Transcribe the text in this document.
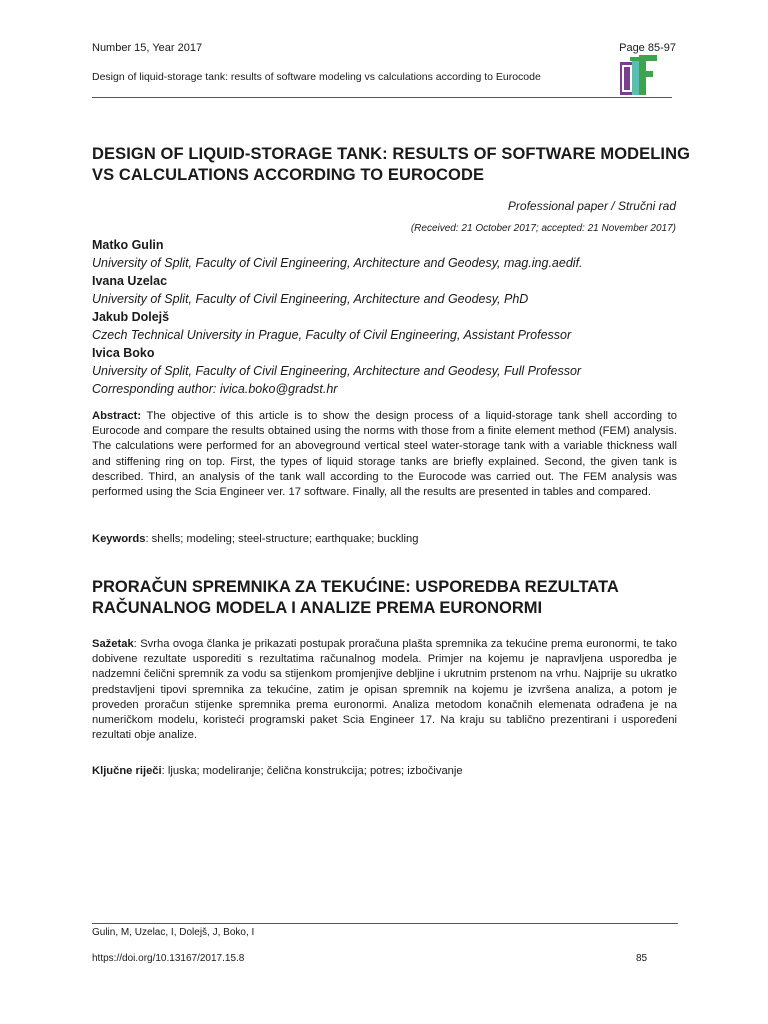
Number 15, Year 2017	Page 85-97
Design of liquid-storage tank: results of software modeling vs calculations according to Eurocode
DESIGN OF LIQUID-STORAGE TANK: RESULTS OF SOFTWARE MODELING VS CALCULATIONS ACCORDING TO EUROCODE
Professional paper / Stručni rad
(Received: 21 October 2017; accepted: 21 November 2017)
Matko Gulin
University of Split, Faculty of Civil Engineering, Architecture and Geodesy, mag.ing.aedif.
Ivana Uzelac
University of Split, Faculty of Civil Engineering, Architecture and Geodesy, PhD
Jakub Dolejš
Czech Technical University in Prague, Faculty of Civil Engineering, Assistant Professor
Ivica Boko
University of Split, Faculty of Civil Engineering, Architecture and Geodesy, Full Professor
Corresponding author: ivica.boko@gradst.hr
Abstract: The objective of this article is to show the design process of a liquid-storage tank shell according to Eurocode and compare the results obtained using the norms with those from a finite element method (FEM) analysis. The calculations were performed for an aboveground vertical steel water-storage tank with a variable thickness wall and stiffening ring on top. First, the types of liquid storage tanks are briefly explained. Second, the given tank is described. Third, an analysis of the tank wall according to the Eurocode was carried out. The FEM analysis was performed using the Scia Engineer ver. 17 software. Finally, all the results are presented in tables and compared.
Keywords: shells; modeling; steel-structure; earthquake; buckling
PRORAČUN SPREMNIKA ZA TEKUĆINE: USPOREDBA REZULTATA RAČUNALNOG MODELA I ANALIZE PREMA EURONORMI
Sažetak: Svrha ovoga članka je prikazati postupak proračuna plašta spremnika za tekućine prema euronormi, te tako dobivene rezultate usporediti s rezultatima računalnog modela. Primjer na kojemu je napravljena usporedba je nadzemni čelični spremnik za vodu sa stijenkom promjenjive debljine i ukrutnim prstenom na vrhu. Najprije su ukratko predstavljeni tipovi spremnika za tekućine, zatim je opisan spremnik na kojemu je izvršena analiza, a potom je proveden proračun stijenke spremnika prema euronormi. Analiza metodom konačnih elemenata odrađena je na numeričkom modelu, koristeći programski paket Scia Engineer 17. Na kraju su tablično prezentirani i uspoređeni rezultati obje analize.
Ključne riječi: ljuska; modeliranje; čelična konstrukcija; potres; izbočivanje
Gulin, M, Uzelac, I, Dolejš, J, Boko, I
https://doi.org/10.13167/2017.15.8	85
